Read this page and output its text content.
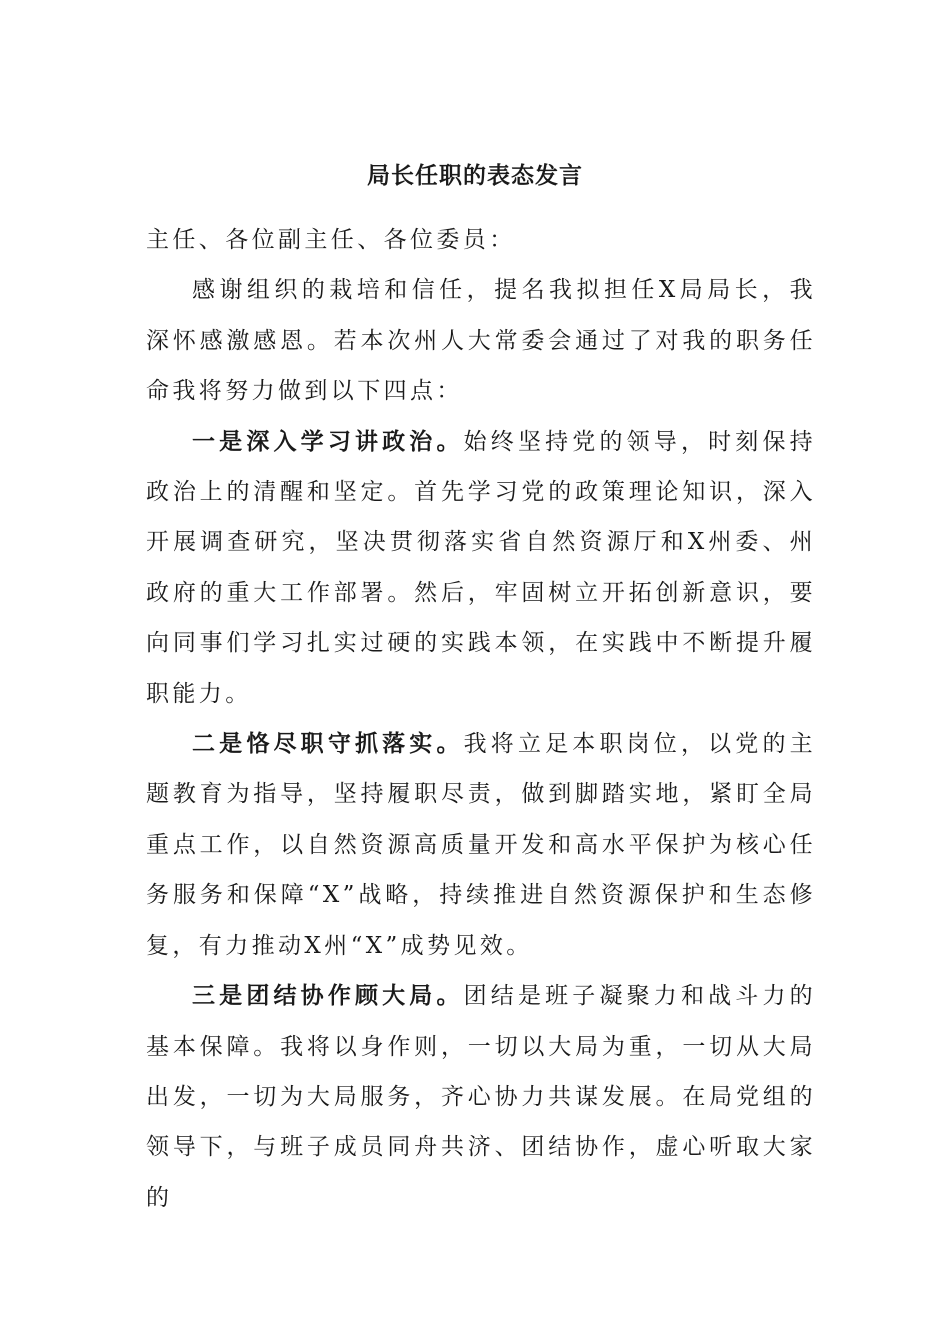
局长任职的表态发言

主任、各位副主任、各位委员：

感谢组织的栽培和信任，提名我拟担任X局局长，我深怀感激感恩。若本次州人大常委会通过了对我的职务任命我将努力做到以下四点：

一是深入学习讲政治。始终坚持党的领导，时刻保持政治上的清醒和坚定。首先学习党的政策理论知识，深入开展调查研究，坚决贯彻落实省自然资源厅和X州委、州政府的重大工作部署。然后，牢固树立开拓创新意识，要向同事们学习扎实过硬的实践本领，在实践中不断提升履职能力。

二是恪尽职守抓落实。我将立足本职岗位，以党的主题教育为指导，坚持履职尽责，做到脚踏实地，紧盯全局重点工作，以自然资源高质量开发和高水平保护为核心任务服务和保障“X”战略，持续推进自然资源保护和生态修复，有力推动X州“X”成势见效。

三是团结协作顾大局。团结是班子凝聚力和战斗力的基本保障。我将以身作则，一切以大局为重，一切从大局出发，一切为大局服务，齐心协力共谋发展。在局党组的领导下，与班子成员同舟共济、团结协作，虚心听取大家的
